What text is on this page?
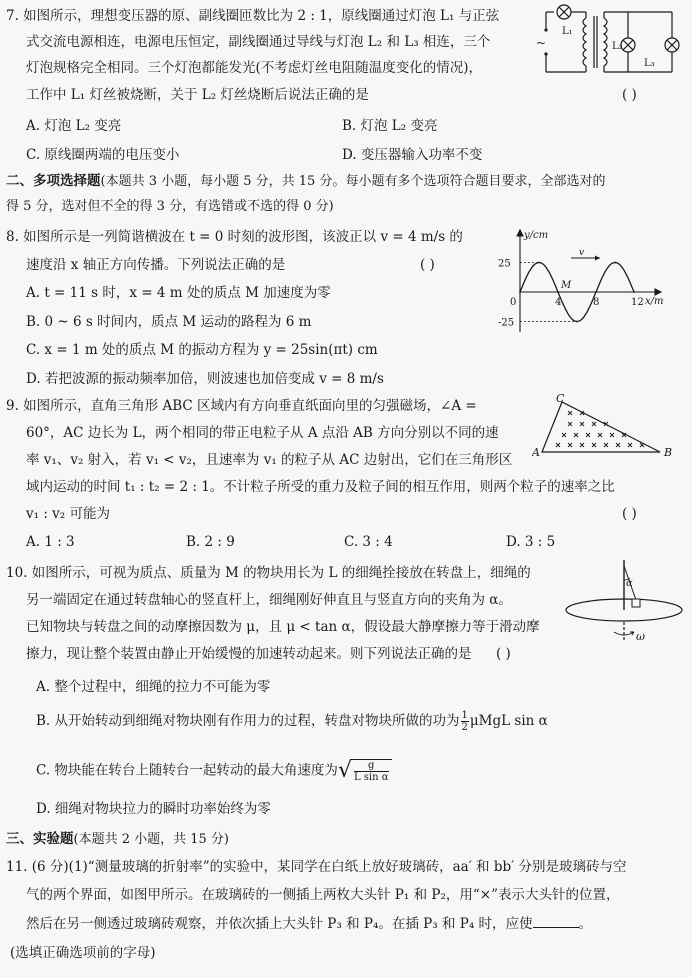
7. 如图所示，理想变压器的原、副线圈匝数比为 2 : 1，原线圈通过灯泡 L₁ 与正弦
式交流电源相连，电源电压恒定，副线圈通过导线与灯泡 L₂ 和 L₃ 相连，三个
灯泡规格完全相同。三个灯泡都能发光(不考虑灯丝电阻随温度变化的情况)，
工作中 L₁ 灯丝被烧断，关于 L₂ 灯丝烧断后说法正确的是	( )
A. 灯泡 L₂ 变亮	B. 灯泡 L₂ 变亮
C. 原线圈两端的电压变小	D. 变压器输入功率不变
~
L₁
L₂
L₃
二、多项选择题(本题共 3 小题，每小题 5 分，共 15 分。每小题有多个选项符合题目要求，全部选对的
得 5 分，选对但不全的得 3 分，有选错或不选的得 0 分)
8. 如图所示是一列简谐横波在 t = 0 时刻的波形图，该波正以 v = 4 m/s 的
速度沿 x 轴正方向传播。下列说法正确的是	( )
A. t = 11 s 时，x = 4 m 处的质点 M 加速度为零
B. 0 ~ 6 s 时间内，质点 M 运动的路程为 6 m
C. x = 1 m 处的质点 M 的振动方程为 y = 25sin(πt) cm
D. 若把波源的振动频率加倍，则波速也加倍变成 v = 8 m/s
0	4	8	12
25
-25
y/cm
x/m
M
v
9. 如图所示，直角三角形 ABC 区域内有方向垂直纸面向里的匀强磁场，∠A =
60°，AC 边长为 L，两个相同的带正电粒子从 A 点沿 AB 方向分别以不同的速
率 v₁、v₂ 射入，若 v₁ < v₂，且速率为 v₁ 的粒子从 AC 边射出，它们在三角形区
域内运动的时间 t₁ : t₂ = 2 : 1。不计粒子所受的重力及粒子间的相互作用，则两个粒子的速率之比
v₁ : v₂ 可能为	( )
A. 1 : 3	B. 2 : 9	C. 3 : 4	D. 3 : 5
A	B
C
10. 如图所示，可视为质点、质量为 M 的物块用长为 L 的细绳拴接放在转盘上，细绳的
另一端固定在通过转盘轴心的竖直杆上，细绳刚好伸直且与竖直方向的夹角为 α。
已知物块与转盘之间的动摩擦因数为 μ，且 μ < tan α，假设最大静摩擦力等于滑动摩
擦力，现让整个装置由静止开始缓慢的加速转动起来。则下列说法正确的是 ( )
A. 整个过程中，细绳的拉力不可能为零
B. 从开始转动到细绳对物块刚有作用力的过程，转盘对物块所做的功为 $\frac{1}{2}$ μMgL sin α
C. 物块能在转台上随转台一起转动的最大角速度为√ $\frac{g}{\text{L sin α}}$
D. 细绳对物块拉力的瞬时功率始终为零
α
ω
三、实验题(本题共 2 小题，共 15 分)
11. (6 分)(1)“测量玻璃的折射率”的实验中，某同学在白纸上放好玻璃砖，aa′ 和 bb′ 分别是玻璃砖与空
气的两个界面，如图甲所示。在玻璃砖的一侧插上两枚大头针 P₁ 和 P₂，用“×”表示大头针的位置，
然后在另一侧透过玻璃砖观察，并依次插上大头针 P₃ 和 P₄。在插 P₃ 和 P₄ 时，应使	。
(选填正确选项前的字母)
